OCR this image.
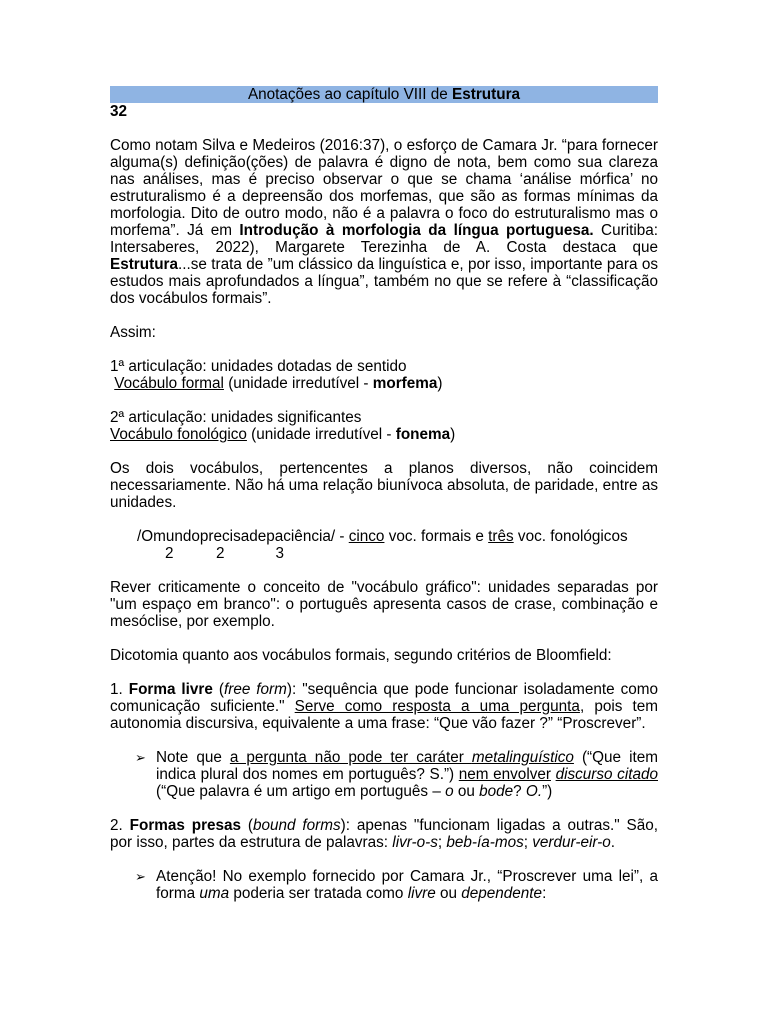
Anotações ao capítulo VIII de Estrutura

32

Como notam Silva e Medeiros (2016:37), o esforço de Camara Jr. “para fornecer alguma(s) definição(ções) de palavra é digno de nota, bem como sua clareza nas análises, mas é preciso observar o que se chama ‘análise mórfica’ no estruturalismo é a depreensão dos morfemas, que são as formas mínimas da morfologia. Dito de outro modo, não é a palavra o foco do estruturalismo mas o morfema”. Já em Introdução à morfologia da língua portuguesa. Curitiba: Intersaberes, 2022), Margarete Terezinha de A. Costa destaca que Estrutura...se trata de ”um clássico da linguística e, por isso, importante para os estudos mais aprofundados a língua”, também no que se refere à “classificação dos vocábulos formais”.

Assim:

1ª articulação: unidades dotadas de sentido

Vocábulo formal (unidade irredutível - morfema)

2ª articulação: unidades significantes

Vocábulo fonológico (unidade irredutível - fonema)

Os dois vocábulos, pertencentes a planos diversos, não coincidem necessariamente. Não há uma relação biunívoca absoluta, de paridade, entre as unidades.

/Omundoprecisadepaciência/ - cinco voc. formais e três voc. fonológicos

2          2            3

Rever criticamente o conceito de "vocábulo gráfico": unidades separadas por "um espaço em branco": o português apresenta casos de crase, combinação e mesóclise, por exemplo.

Dicotomia quanto aos vocábulos formais, segundo critérios de Bloomfield:

1. Forma livre (free form): "sequência que pode funcionar isoladamente como comunicação suficiente." Serve como resposta a uma pergunta, pois tem autonomia discursiva, equivalente a uma frase: “Que vão fazer ?” “Proscrever”.

➢ Note que a pergunta não pode ter caráter metalinguístico (“Que item indica plural dos nomes em português? S.”) nem envolver discurso citado (“Que palavra é um artigo em português – o ou bode? O.”)

2. Formas presas (bound forms): apenas "funcionam ligadas a outras." São, por isso, partes da estrutura de palavras: livr-o-s; beb-ía-mos; verdur-eir-o.

➢ Atenção! No exemplo fornecido por Camara Jr., “Proscrever uma lei”, a forma uma poderia ser tratada como livre ou dependente:
